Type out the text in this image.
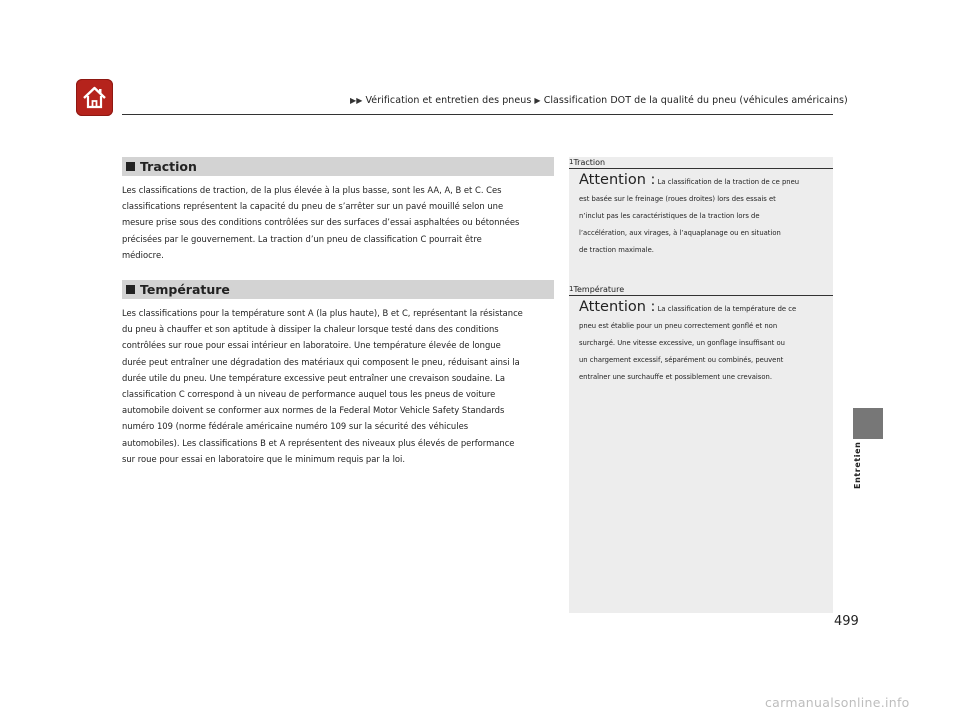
▶▶ Vérification et entretien des pneus ▶ Classification DOT de la qualité du pneu (véhicules américains)
Traction
Les classifications de traction, de la plus élevée à la plus basse, sont les AA, A, B et C. Ces
classifications représentent la capacité du pneu de s’arrêter sur un pavé mouillé selon une
mesure prise sous des conditions contrôlées sur des surfaces d’essai asphaltées ou bétonnées
précisées par le gouvernement. La traction d’un pneu de classification C pourrait être
médiocre.
Température
Les classifications pour la température sont A (la plus haute), B et C, représentant la résistance
du pneu à chauffer et son aptitude à dissiper la chaleur lorsque testé dans des conditions
contrôlées sur roue pour essai intérieur en laboratoire. Une température élevée de longue
durée peut entraîner une dégradation des matériaux qui composent le pneu, réduisant ainsi la
durée utile du pneu. Une température excessive peut entraîner une crevaison soudaine. La
classification C correspond à un niveau de performance auquel tous les pneus de voiture
automobile doivent se conformer aux normes de la Federal Motor Vehicle Safety Standards
numéro 109 (norme fédérale américaine numéro 109 sur la sécurité des véhicules
automobiles). Les classifications B et A représentent des niveaux plus élevés de performance
sur roue pour essai en laboratoire que le minimum requis par la loi.
1Traction
Attention : La classification de la traction de ce pneu
est basée sur le freinage (roues droites) lors des essais et
n’inclut pas les caractéristiques de la traction lors de
l’accélération, aux virages, à l’aquaplanage ou en situation
de traction maximale.
1Température
Attention : La classification de la température de ce
pneu est établie pour un pneu correctement gonflé et non
surchargé. Une vitesse excessive, un gonflage insuffisant ou
un chargement excessif, séparément ou combinés, peuvent
entraîner une surchauffe et possiblement une crevaison.
Entretien
499
carmanualsonline.info
